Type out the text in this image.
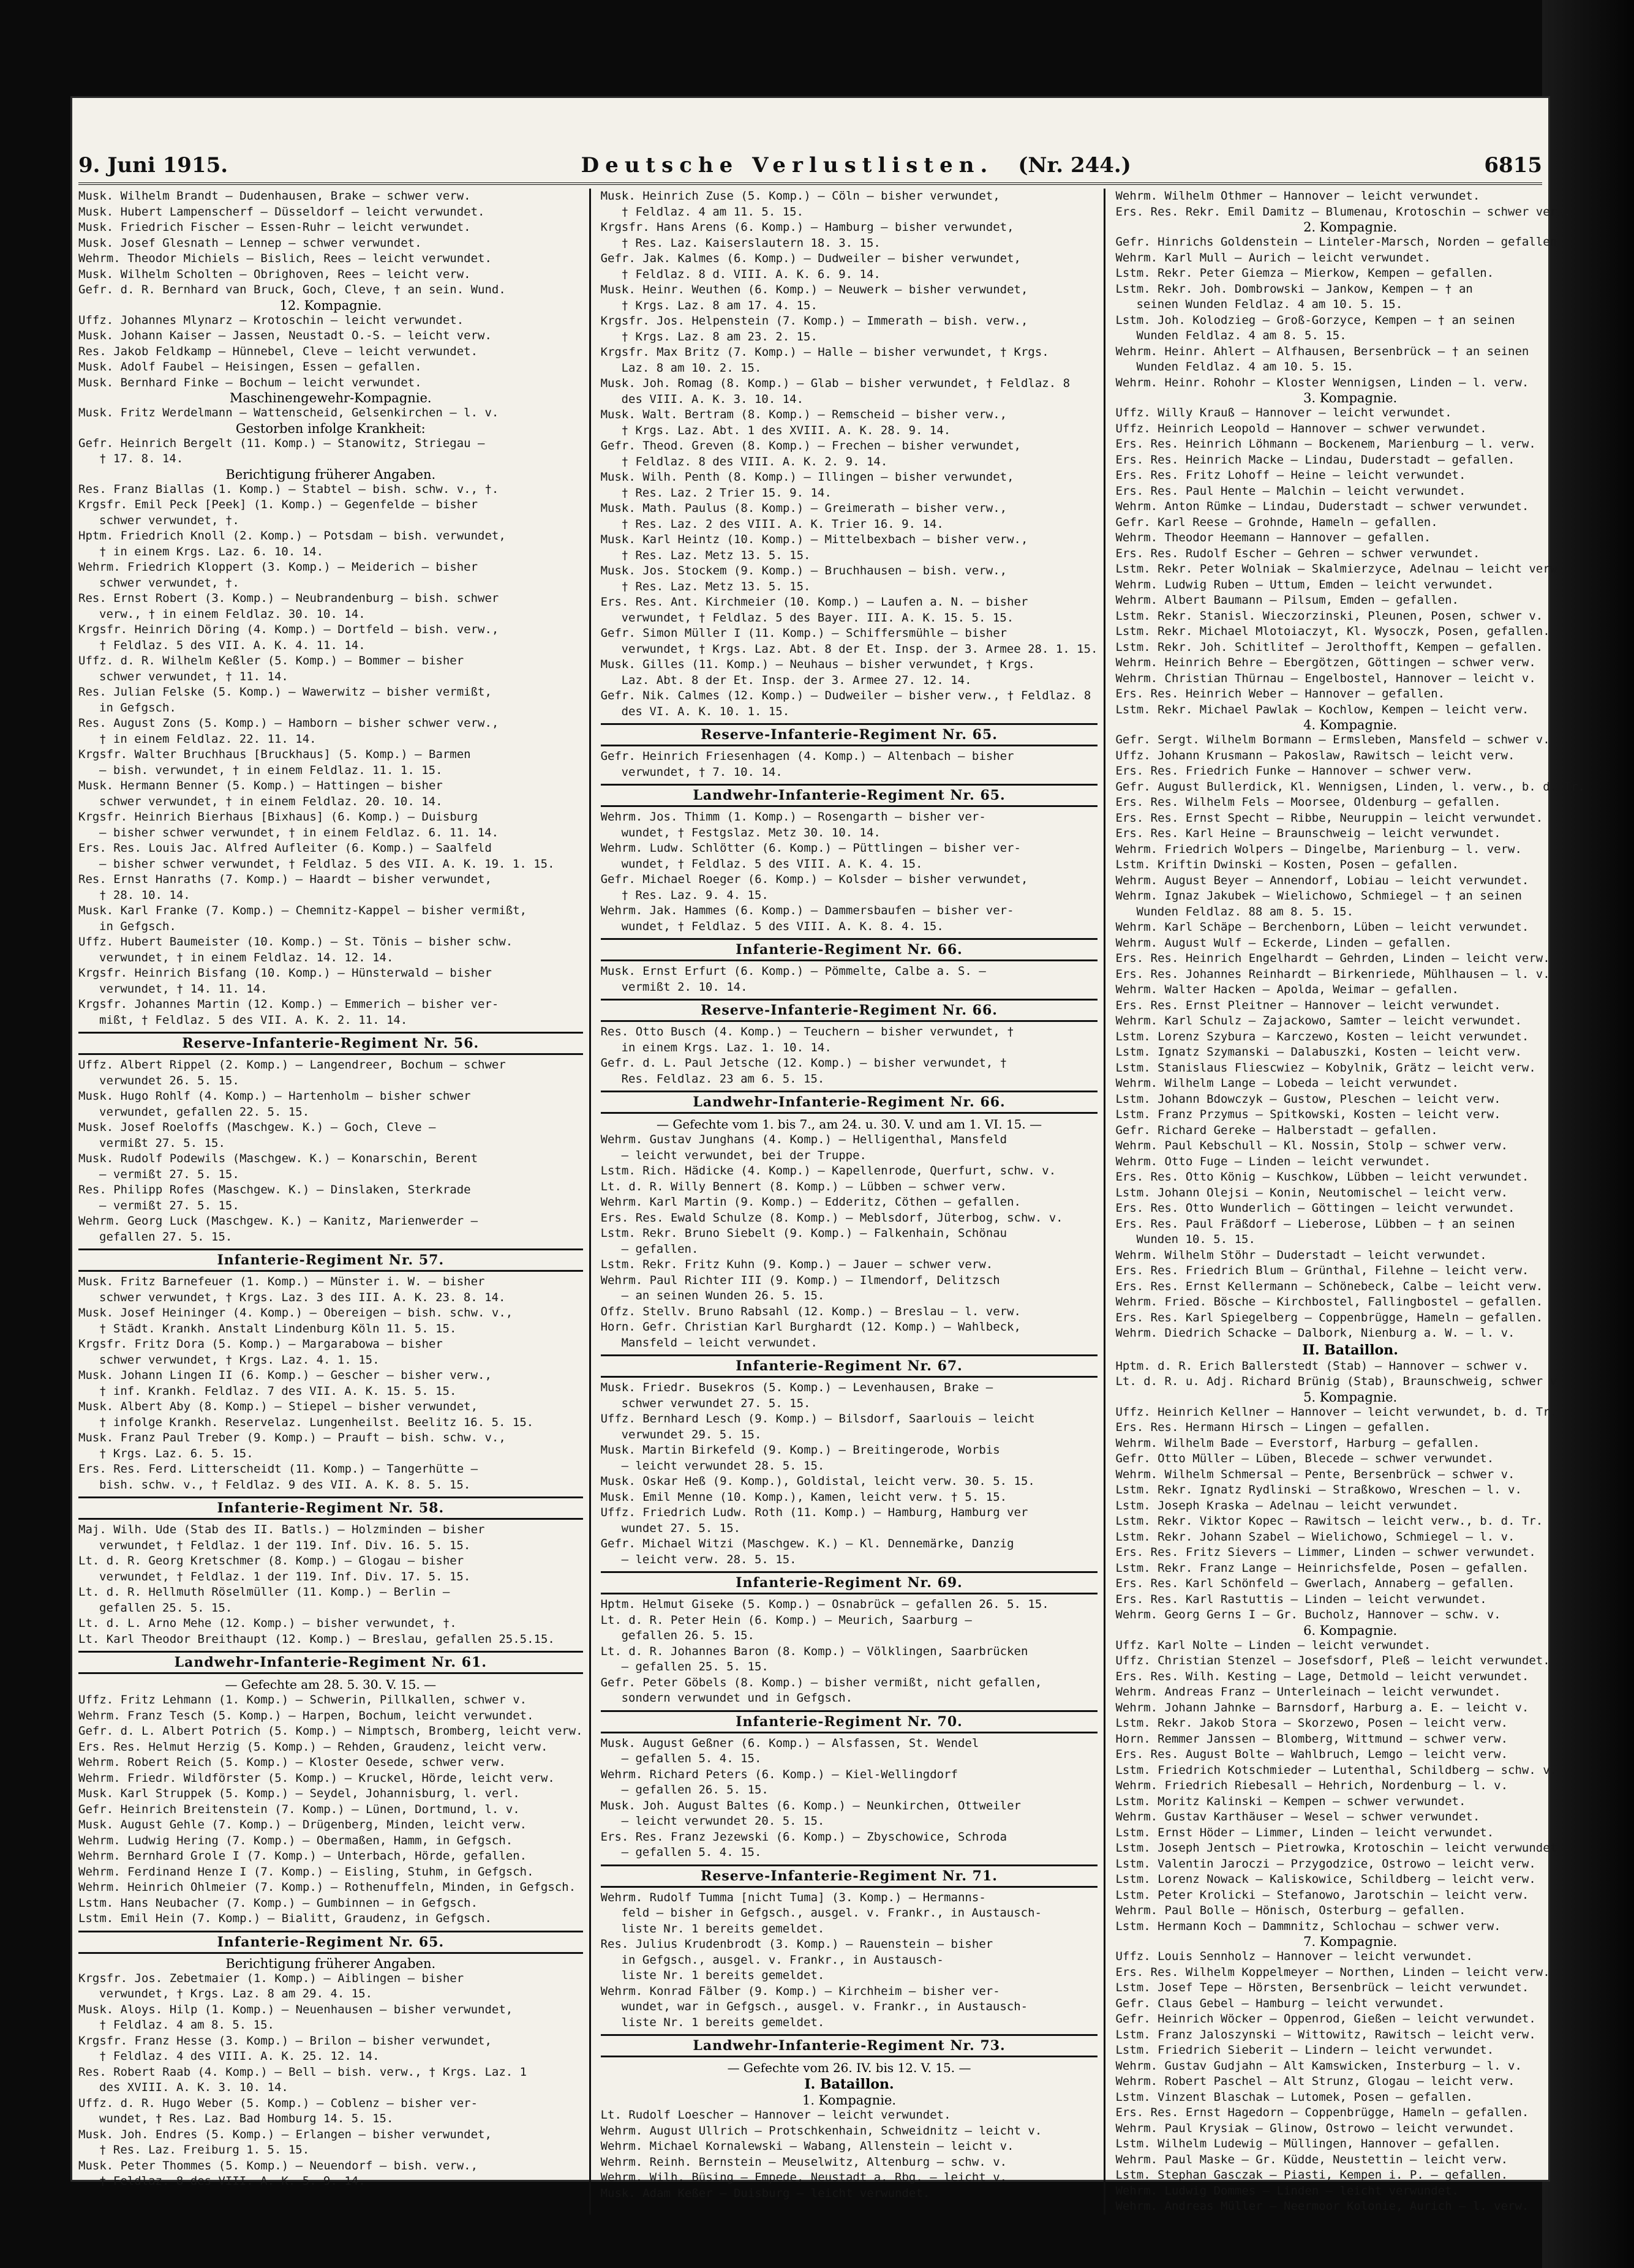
9. Juni 1915.	Deutsche Verlustlisten. (Nr. 244.)	6815
Musk. Wilhelm Brandt — Dudenhausen, Brake — schwer verw.
Musk. Hubert Lampenscherf — Düsseldorf — leicht verwundet.
Musk. Friedrich Fischer — Essen-Ruhr — leicht verwundet.
Musk. Josef Glesnath — Lennep — schwer verwundet.
Wehrm. Theodor Michiels — Bislich, Rees — leicht verwundet.
Musk. Wilhelm Scholten — Obrighoven, Rees — leicht verw.
Gefr. d. R. Bernhard van Bruck, Goch, Cleve, † an sein. Wund.
12. Kompagnie.
Uffz. Johannes Mlynarz — Krotoschin — leicht verwundet.
Musk. Johann Kaiser — Jassen, Neustadt O.-S. — leicht verw.
Res. Jakob Feldkamp — Hünnebel, Cleve — leicht verwundet.
Musk. Adolf Faubel — Heisingen, Essen — gefallen.
Musk. Bernhard Finke — Bochum — leicht verwundet.
Maschinengewehr-Kompagnie.
Musk. Fritz Werdelmann — Wattenscheid, Gelsenkirchen — l. v.
Gestorben infolge Krankheit:
Gefr. Heinrich Bergelt (11. Komp.) — Stanowitz, Striegau —
† 17. 8. 14.
Berichtigung früherer Angaben.
Res. Franz Biallas (1. Komp.) — Stabtel — bish. schw. v., †.
Krgsfr. Emil Peck [Peek] (1. Komp.) — Gegenfelde — bisher
schwer verwundet, †.
Hptm. Friedrich Knoll (2. Komp.) — Potsdam — bish. verwundet,
† in einem Krgs. Laz. 6. 10. 14.
Wehrm. Friedrich Kloppert (3. Komp.) — Meiderich — bisher
schwer verwundet, †.
Res. Ernst Robert (3. Komp.) — Neubrandenburg — bish. schwer
verw., † in einem Feldlaz. 30. 10. 14.
Krgsfr. Heinrich Döring (4. Komp.) — Dortfeld — bish. verw.,
† Feldlaz. 5 des VII. A. K. 4. 11. 14.
Uffz. d. R. Wilhelm Keßler (5. Komp.) — Bommer — bisher
schwer verwundet, † 11. 14.
Res. Julian Felske (5. Komp.) — Wawerwitz — bisher vermißt,
in Gefgsch.
Res. August Zons (5. Komp.) — Hamborn — bisher schwer verw.,
† in einem Feldlaz. 22. 11. 14.
Krgsfr. Walter Bruchhaus [Bruckhaus] (5. Komp.) — Barmen
— bish. verwundet, † in einem Feldlaz. 11. 1. 15.
Musk. Hermann Benner (5. Komp.) — Hattingen — bisher
schwer verwundet, † in einem Feldlaz. 20. 10. 14.
Krgsfr. Heinrich Bierhaus [Bixhaus] (6. Komp.) — Duisburg
— bisher schwer verwundet, † in einem Feldlaz. 6. 11. 14.
Ers. Res. Louis Jac. Alfred Aufleiter (6. Komp.) — Saalfeld
— bisher schwer verwundet, † Feldlaz. 5 des VII. A. K. 19. 1. 15.
Res. Ernst Hanraths (7. Komp.) — Haardt — bisher verwundet,
† 28. 10. 14.
Musk. Karl Franke (7. Komp.) — Chemnitz-Kappel — bisher vermißt,
in Gefgsch.
Uffz. Hubert Baumeister (10. Komp.) — St. Tönis — bisher schw.
verwundet, † in einem Feldlaz. 14. 12. 14.
Krgsfr. Heinrich Bisfang (10. Komp.) — Hünsterwald — bisher
verwundet, † 14. 11. 14.
Krgsfr. Johannes Martin (12. Komp.) — Emmerich — bisher ver-
mißt, † Feldlaz. 5 des VII. A. K. 2. 11. 14.
Reserve-Infanterie-Regiment Nr. 56.
Uffz. Albert Rippel (2. Komp.) — Langendreer, Bochum — schwer
verwundet 26. 5. 15.
Musk. Hugo Rohlf (4. Komp.) — Hartenholm — bisher schwer
verwundet, gefallen 22. 5. 15.
Musk. Josef Roeloffs (Maschgew. K.) — Goch, Cleve —
vermißt 27. 5. 15.
Musk. Rudolf Podewils (Maschgew. K.) — Konarschin, Berent
— vermißt 27. 5. 15.
Res. Philipp Rofes (Maschgew. K.) — Dinslaken, Sterkrade
— vermißt 27. 5. 15.
Wehrm. Georg Luck (Maschgew. K.) — Kanitz, Marienwerder —
gefallen 27. 5. 15.
Infanterie-Regiment Nr. 57.
Musk. Fritz Barnefeuer (1. Komp.) — Münster i. W. — bisher
schwer verwundet, † Krgs. Laz. 3 des III. A. K. 23. 8. 14.
Musk. Josef Heininger (4. Komp.) — Obereigen — bish. schw. v.,
† Städt. Krankh. Anstalt Lindenburg Köln 11. 5. 15.
Krgsfr. Fritz Dora (5. Komp.) — Margarabowa — bisher
schwer verwundet, † Krgs. Laz. 4. 1. 15.
Musk. Johann Lingen II (6. Komp.) — Gescher — bisher verw.,
† inf. Krankh. Feldlaz. 7 des VII. A. K. 15. 5. 15.
Musk. Albert Aby (8. Komp.) — Stiepel — bisher verwundet,
† infolge Krankh. Reservelaz. Lungenheilst. Beelitz 16. 5. 15.
Musk. Franz Paul Treber (9. Komp.) — Prauft — bish. schw. v.,
† Krgs. Laz. 6. 5. 15.
Ers. Res. Ferd. Litterscheidt (11. Komp.) — Tangerhütte —
bish. schw. v., † Feldlaz. 9 des VII. A. K. 8. 5. 15.
Infanterie-Regiment Nr. 58.
Maj. Wilh. Ude (Stab des II. Batls.) — Holzminden — bisher
verwundet, † Feldlaz. 1 der 119. Inf. Div. 16. 5. 15.
Lt. d. R. Georg Kretschmer (8. Komp.) — Glogau — bisher
verwundet, † Feldlaz. 1 der 119. Inf. Div. 17. 5. 15.
Lt. d. R. Hellmuth Röselmüller (11. Komp.) — Berlin —
gefallen 25. 5. 15.
Lt. d. L. Arno Mehe (12. Komp.) — bisher verwundet, †.
Lt. Karl Theodor Breithaupt (12. Komp.) — Breslau, gefallen 25.5.15.
Landwehr-Infanterie-Regiment Nr. 61.
— Gefechte am 28. 5. 30. V. 15. —
Uffz. Fritz Lehmann (1. Komp.) — Schwerin, Pillkallen, schwer v.
Wehrm. Franz Tesch (5. Komp.) — Harpen, Bochum, leicht verwundet.
Gefr. d. L. Albert Potrich (5. Komp.) — Nimptsch, Bromberg, leicht verw.
Ers. Res. Helmut Herzig (5. Komp.) — Rehden, Graudenz, leicht verw.
Wehrm. Robert Reich (5. Komp.) — Kloster Oesede, schwer verw.
Wehrm. Friedr. Wildförster (5. Komp.) — Kruckel, Hörde, leicht verw.
Musk. Karl Struppek (5. Komp.) — Seydel, Johannisburg, l. verl.
Gefr. Heinrich Breitenstein (7. Komp.) — Lünen, Dortmund, l. v.
Musk. August Gehle (7. Komp.) — Drügenberg, Minden, leicht verw.
Wehrm. Ludwig Hering (7. Komp.) — Obermaßen, Hamm, in Gefgsch.
Wehrm. Bernhard Grole I (7. Komp.) — Unterbach, Hörde, gefallen.
Wehrm. Ferdinand Henze I (7. Komp.) — Eisling, Stuhm, in Gefgsch.
Wehrm. Heinrich Ohlmeier (7. Komp.) — Rothenuffeln, Minden, in Gefgsch.
Lstm. Hans Neubacher (7. Komp.) — Gumbinnen — in Gefgsch.
Lstm. Emil Hein (7. Komp.) — Bialitt, Graudenz, in Gefgsch.
Infanterie-Regiment Nr. 65.
Berichtigung früherer Angaben.
Krgsfr. Jos. Zebetmaier (1. Komp.) — Aiblingen — bisher
verwundet, † Krgs. Laz. 8 am 29. 4. 15.
Musk. Aloys. Hilp (1. Komp.) — Neuenhausen — bisher verwundet,
† Feldlaz. 4 am 8. 5. 15.
Krgsfr. Franz Hesse (3. Komp.) — Brilon — bisher verwundet,
† Feldlaz. 4 des VIII. A. K. 25. 12. 14.
Res. Robert Raab (4. Komp.) — Bell — bish. verw., † Krgs. Laz. 1
des XVIII. A. K. 3. 10. 14.
Uffz. d. R. Hugo Weber (5. Komp.) — Coblenz — bisher ver-
wundet, † Res. Laz. Bad Homburg 14. 5. 15.
Musk. Joh. Endres (5. Komp.) — Erlangen — bisher verwundet,
† Res. Laz. Freiburg 1. 5. 15.
Musk. Peter Thommes (5. Komp.) — Neuendorf — bish. verw.,
† Feldlaz. 8 des VIII. A. K. 5. 9. 14.
Musk. Heinrich Zuse (5. Komp.) — Cöln — bisher verwundet,
† Feldlaz. 4 am 11. 5. 15.
Krgsfr. Hans Arens (6. Komp.) — Hamburg — bisher verwundet,
† Res. Laz. Kaiserslautern 18. 3. 15.
Gefr. Jak. Kalmes (6. Komp.) — Dudweiler — bisher verwundet,
† Feldlaz. 8 d. VIII. A. K. 6. 9. 14.
Musk. Heinr. Weuthen (6. Komp.) — Neuwerk — bisher verwundet,
† Krgs. Laz. 8 am 17. 4. 15.
Krgsfr. Jos. Helpenstein (7. Komp.) — Immerath — bish. verw.,
† Krgs. Laz. 8 am 23. 2. 15.
Krgsfr. Max Britz (7. Komp.) — Halle — bisher verwundet, † Krgs.
Laz. 8 am 10. 2. 15.
Musk. Joh. Romag (8. Komp.) — Glab — bisher verwundet, † Feldlaz. 8
des VIII. A. K. 3. 10. 14.
Musk. Walt. Bertram (8. Komp.) — Remscheid — bisher verw.,
† Krgs. Laz. Abt. 1 des XVIII. A. K. 28. 9. 14.
Gefr. Theod. Greven (8. Komp.) — Frechen — bisher verwundet,
† Feldlaz. 8 des VIII. A. K. 2. 9. 14.
Musk. Wilh. Penth (8. Komp.) — Illingen — bisher verwundet,
† Res. Laz. 2 Trier 15. 9. 14.
Musk. Math. Paulus (8. Komp.) — Greimerath — bisher verw.,
† Res. Laz. 2 des VIII. A. K. Trier 16. 9. 14.
Musk. Karl Heintz (10. Komp.) — Mittelbexbach — bisher verw.,
† Res. Laz. Metz 13. 5. 15.
Musk. Jos. Stockem (9. Komp.) — Bruchhausen — bish. verw.,
† Res. Laz. Metz 13. 5. 15.
Ers. Res. Ant. Kirchmeier (10. Komp.) — Laufen a. N. — bisher
verwundet, † Feldlaz. 5 des Bayer. III. A. K. 15. 5. 15.
Gefr. Simon Müller I (11. Komp.) — Schiffersmühle — bisher
verwundet, † Krgs. Laz. Abt. 8 der Et. Insp. der 3. Armee 28. 1. 15.
Musk. Gilles (11. Komp.) — Neuhaus — bisher verwundet, † Krgs.
Laz. Abt. 8 der Et. Insp. der 3. Armee 27. 12. 14.
Gefr. Nik. Calmes (12. Komp.) — Dudweiler — bisher verw., † Feldlaz. 8
des VI. A. K. 10. 1. 15.
Reserve-Infanterie-Regiment Nr. 65.
Gefr. Heinrich Friesenhagen (4. Komp.) — Altenbach — bisher
verwundet, † 7. 10. 14.
Landwehr-Infanterie-Regiment Nr. 65.
Wehrm. Jos. Thimm (1. Komp.) — Rosengarth — bisher ver-
wundet, † Festgslaz. Metz 30. 10. 14.
Wehrm. Ludw. Schlötter (6. Komp.) — Püttlingen — bisher ver-
wundet, † Feldlaz. 5 des VIII. A. K. 4. 15.
Gefr. Michael Roeger (6. Komp.) — Kolsder — bisher verwundet,
† Res. Laz. 9. 4. 15.
Wehrm. Jak. Hammes (6. Komp.) — Dammersbaufen — bisher ver-
wundet, † Feldlaz. 5 des VIII. A. K. 8. 4. 15.
Infanterie-Regiment Nr. 66.
Musk. Ernst Erfurt (6. Komp.) — Pömmelte, Calbe a. S. —
vermißt 2. 10. 14.
Reserve-Infanterie-Regiment Nr. 66.
Res. Otto Busch (4. Komp.) — Teuchern — bisher verwundet, †
in einem Krgs. Laz. 1. 10. 14.
Gefr. d. L. Paul Jetsche (12. Komp.) — bisher verwundet, †
Res. Feldlaz. 23 am 6. 5. 15.
Landwehr-Infanterie-Regiment Nr. 66.
— Gefechte vom 1. bis 7., am 24. u. 30. V. und am 1. VI. 15. —
Wehrm. Gustav Junghans (4. Komp.) — Helligenthal, Mansfeld
— leicht verwundet, bei der Truppe.
Lstm. Rich. Hädicke (4. Komp.) — Kapellenrode, Querfurt, schw. v.
Lt. d. R. Willy Bennert (8. Komp.) — Lübben — schwer verw.
Wehrm. Karl Martin (9. Komp.) — Edderitz, Cöthen — gefallen.
Ers. Res. Ewald Schulze (8. Komp.) — Meblsdorf, Jüterbog, schw. v.
Lstm. Rekr. Bruno Siebelt (9. Komp.) — Falkenhain, Schönau
— gefallen.
Lstm. Rekr. Fritz Kuhn (9. Komp.) — Jauer — schwer verw.
Wehrm. Paul Richter III (9. Komp.) — Ilmendorf, Delitzsch
— an seinen Wunden 26. 5. 15.
Offz. Stellv. Bruno Rabsahl (12. Komp.) — Breslau — l. verw.
Horn. Gefr. Christian Karl Burghardt (12. Komp.) — Wahlbeck,
Mansfeld — leicht verwundet.
Infanterie-Regiment Nr. 67.
Musk. Friedr. Busekros (5. Komp.) — Levenhausen, Brake —
schwer verwundet 27. 5. 15.
Uffz. Bernhard Lesch (9. Komp.) — Bilsdorf, Saarlouis — leicht
verwundet 29. 5. 15.
Musk. Martin Birkefeld (9. Komp.) — Breitingerode, Worbis
— leicht verwundet 28. 5. 15.
Musk. Oskar Heß (9. Komp.), Goldistal, leicht verw. 30. 5. 15.
Musk. Emil Menne (10. Komp.), Kamen, leicht verw. † 5. 15.
Uffz. Friedrich Ludw. Roth (11. Komp.) — Hamburg, Hamburg ver
wundet 27. 5. 15.
Gefr. Michael Witzi (Maschgew. K.) — Kl. Dennemärke, Danzig
— leicht verw. 28. 5. 15.
Infanterie-Regiment Nr. 69.
Hptm. Helmut Giseke (5. Komp.) — Osnabrück — gefallen 26. 5. 15.
Lt. d. R. Peter Hein (6. Komp.) — Meurich, Saarburg —
gefallen 26. 5. 15.
Lt. d. R. Johannes Baron (8. Komp.) — Völklingen, Saarbrücken
— gefallen 25. 5. 15.
Gefr. Peter Göbels (8. Komp.) — bisher vermißt, nicht gefallen,
sondern verwundet und in Gefgsch.
Infanterie-Regiment Nr. 70.
Musk. August Geßner (6. Komp.) — Alsfassen, St. Wendel
— gefallen 5. 4. 15.
Wehrm. Richard Peters (6. Komp.) — Kiel-Wellingdorf
— gefallen 26. 5. 15.
Musk. Joh. August Baltes (6. Komp.) — Neunkirchen, Ottweiler
— leicht verwundet 20. 5. 15.
Ers. Res. Franz Jezewski (6. Komp.) — Zbyschowice, Schroda
— gefallen 5. 4. 15.
Reserve-Infanterie-Regiment Nr. 71.
Wehrm. Rudolf Tumma [nicht Tuma] (3. Komp.) — Hermanns-
feld — bisher in Gefgsch., ausgel. v. Frankr., in Austausch-
liste Nr. 1 bereits gemeldet.
Res. Julius Krudenbrodt (3. Komp.) — Rauenstein — bisher
in Gefgsch., ausgel. v. Frankr., in Austausch-
liste Nr. 1 bereits gemeldet.
Wehrm. Konrad Fälber (9. Komp.) — Kirchheim — bisher ver-
wundet, war in Gefgsch., ausgel. v. Frankr., in Austausch-
liste Nr. 1 bereits gemeldet.
Landwehr-Infanterie-Regiment Nr. 73.
— Gefechte vom 26. IV. bis 12. V. 15. —
I. Bataillon.
1. Kompagnie.
Lt. Rudolf Loescher — Hannover — leicht verwundet.
Wehrm. August Ullrich — Protschkenhain, Schweidnitz — leicht v.
Wehrm. Michael Kornalewski — Wabang, Allenstein — leicht v.
Wehrm. Reinh. Bernstein — Meuselwitz, Altenburg — schw. v.
Wehrm. Wilh. Büsing — Empede, Neustadt a. Rbg. — leicht v.
Musk. Adam Keßer — Duisburg — leicht verwundet.
Wehrm. Wilhelm Othmer — Hannover — leicht verwundet.
Ers. Res. Rekr. Emil Damitz — Blumenau, Krotoschin — schwer verw.
2. Kompagnie.
Gefr. Hinrichs Goldenstein — Linteler-Marsch, Norden — gefallen.
Wehrm. Karl Mull — Aurich — leicht verwundet.
Lstm. Rekr. Peter Giemza — Mierkow, Kempen — gefallen.
Lstm. Rekr. Joh. Dombrowski — Jankow, Kempen — † an
seinen Wunden Feldlaz. 4 am 10. 5. 15.
Lstm. Joh. Kolodzieg — Groß-Gorzyce, Kempen — † an seinen
Wunden Feldlaz. 4 am 8. 5. 15.
Wehrm. Heinr. Ahlert — Alfhausen, Bersenbrück — † an seinen
Wunden Feldlaz. 4 am 10. 5. 15.
Wehrm. Heinr. Rohohr — Kloster Wennigsen, Linden — l. verw.
3. Kompagnie.
Uffz. Willy Krauß — Hannover — leicht verwundet.
Uffz. Heinrich Leopold — Hannover — schwer verwundet.
Ers. Res. Heinrich Löhmann — Bockenem, Marienburg — l. verw.
Ers. Res. Heinrich Macke — Lindau, Duderstadt — gefallen.
Ers. Res. Fritz Lohoff — Heine — leicht verwundet.
Ers. Res. Paul Hente — Malchin — leicht verwundet.
Wehrm. Anton Rümke — Lindau, Duderstadt — schwer verwundet.
Gefr. Karl Reese — Grohnde, Hameln — gefallen.
Wehrm. Theodor Heemann — Hannover — gefallen.
Ers. Res. Rudolf Escher — Gehren — schwer verwundet.
Lstm. Rekr. Peter Wolniak — Skalmierzyce, Adelnau — leicht verw.
Wehrm. Ludwig Ruben — Uttum, Emden — leicht verwundet.
Wehrm. Albert Baumann — Pilsum, Emden — gefallen.
Lstm. Rekr. Stanisl. Wieczorzinski, Pleunen, Posen, schwer v.
Lstm. Rekr. Michael Mlotoiaczyt, Kl. Wysoczk, Posen, gefallen.
Lstm. Rekr. Joh. Schitlitef — Jerolthofft, Kempen — gefallen.
Wehrm. Heinrich Behre — Ebergötzen, Göttingen — schwer verw.
Wehrm. Christian Thürnau — Engelbostel, Hannover — leicht v.
Ers. Res. Heinrich Weber — Hannover — gefallen.
Lstm. Rekr. Michael Pawlak — Kochlow, Kempen — leicht verw.
4. Kompagnie.
Gefr. Sergt. Wilhelm Bormann — Ermsleben, Mansfeld — schwer v.
Uffz. Johann Krusmann — Pakoslaw, Rawitsch — leicht verw.
Ers. Res. Friedrich Funke — Hannover — schwer verw.
Gefr. August Bullerdick, Kl. Wennigsen, Linden, l. verw., b. d. Tr.
Ers. Res. Wilhelm Fels — Moorsee, Oldenburg — gefallen.
Ers. Res. Ernst Specht — Ribbe, Neuruppin — leicht verwundet.
Ers. Res. Karl Heine — Braunschweig — leicht verwundet.
Wehrm. Friedrich Wolpers — Dingelbe, Marienburg — l. verw.
Lstm. Kriftin Dwinski — Kosten, Posen — gefallen.
Wehrm. August Beyer — Annendorf, Lobiau — leicht verwundet.
Wehrm. Ignaz Jakubek — Wielichowo, Schmiegel — † an seinen
Wunden Feldlaz. 88 am 8. 5. 15.
Wehrm. Karl Schäpe — Berchenborn, Lüben — leicht verwundet.
Wehrm. August Wulf — Eckerde, Linden — gefallen.
Ers. Res. Heinrich Engelhardt — Gehrden, Linden — leicht verw.
Ers. Res. Johannes Reinhardt — Birkenriede, Mühlhausen — l. v.
Wehrm. Walter Hacken — Apolda, Weimar — gefallen.
Ers. Res. Ernst Pleitner — Hannover — leicht verwundet.
Wehrm. Karl Schulz — Zajackowo, Samter — leicht verwundet.
Lstm. Lorenz Szybura — Karczewo, Kosten — leicht verwundet.
Lstm. Ignatz Szymanski — Dalabuszki, Kosten — leicht verw.
Lstm. Stanislaus Fliescwiez — Kobylnik, Grätz — leicht verw.
Wehrm. Wilhelm Lange — Lobeda — leicht verwundet.
Lstm. Johann Bdowczyk — Gustow, Pleschen — leicht verw.
Lstm. Franz Przymus — Spitkowski, Kosten — leicht verw.
Gefr. Richard Gereke — Halberstadt — gefallen.
Wehrm. Paul Kebschull — Kl. Nossin, Stolp — schwer verw.
Wehrm. Otto Fuge — Linden — leicht verwundet.
Ers. Res. Otto König — Kuschkow, Lübben — leicht verwundet.
Lstm. Johann Olejsi — Konin, Neutomischel — leicht verw.
Ers. Res. Otto Wunderlich — Göttingen — leicht verwundet.
Ers. Res. Paul Fräßdorf — Lieberose, Lübben — † an seinen
Wunden 10. 5. 15.
Wehrm. Wilhelm Stöhr — Duderstadt — leicht verwundet.
Ers. Res. Friedrich Blum — Grünthal, Filehne — leicht verw.
Ers. Res. Ernst Kellermann — Schönebeck, Calbe — leicht verw.
Wehrm. Fried. Bösche — Kirchbostel, Fallingbostel — gefallen.
Ers. Res. Karl Spiegelberg — Coppenbrügge, Hameln — gefallen.
Wehrm. Diedrich Schacke — Dalbork, Nienburg a. W. — l. v.
II. Bataillon.
Hptm. d. R. Erich Ballerstedt (Stab) — Hannover — schwer v.
Lt. d. R. u. Adj. Richard Brünig (Stab), Braunschweig, schwer v.
5. Kompagnie.
Uffz. Heinrich Kellner — Hannover — leicht verwundet, b. d. Tr.
Ers. Res. Hermann Hirsch — Lingen — gefallen.
Wehrm. Wilhelm Bade — Everstorf, Harburg — gefallen.
Gefr. Otto Müller — Lüben, Blecede — schwer verwundet.
Wehrm. Wilhelm Schmersal — Pente, Bersenbrück — schwer v.
Lstm. Rekr. Ignatz Rydlinski — Straßkowo, Wreschen — l. v.
Lstm. Joseph Kraska — Adelnau — leicht verwundet.
Lstm. Rekr. Viktor Kopec — Rawitsch — leicht verw., b. d. Tr.
Lstm. Rekr. Johann Szabel — Wielichowo, Schmiegel — l. v.
Ers. Res. Fritz Sievers — Limmer, Linden — schwer verwundet.
Lstm. Rekr. Franz Lange — Heinrichsfelde, Posen — gefallen.
Ers. Res. Karl Schönfeld — Gwerlach, Annaberg — gefallen.
Ers. Res. Karl Rastuttis — Linden — leicht verwundet.
Wehrm. Georg Gerns I — Gr. Bucholz, Hannover — schw. v.
6. Kompagnie.
Uffz. Karl Nolte — Linden — leicht verwundet.
Uffz. Christian Stenzel — Josefsdorf, Pleß — leicht verwundet.
Ers. Res. Wilh. Kesting — Lage, Detmold — leicht verwundet.
Wehrm. Andreas Franz — Unterleinach — leicht verwundet.
Wehrm. Johann Jahnke — Barnsdorf, Harburg a. E. — leicht v.
Lstm. Rekr. Jakob Stora — Skorzewo, Posen — leicht verw.
Horn. Remmer Janssen — Blomberg, Wittmund — schwer verw.
Ers. Res. August Bolte — Wahlbruch, Lemgo — leicht verw.
Lstm. Friedrich Kotschmieder — Lutenthal, Schildberg — schw. v.
Wehrm. Friedrich Riebesall — Hehrich, Nordenburg — l. v.
Lstm. Moritz Kalinski — Kempen — schwer verwundet.
Wehrm. Gustav Karthäuser — Wesel — schwer verwundet.
Lstm. Ernst Höder — Limmer, Linden — leicht verwundet.
Lstm. Joseph Jentsch — Pietrowka, Krotoschin — leicht verwundet.
Lstm. Valentin Jaroczi — Przygodzice, Ostrowo — leicht verw.
Lstm. Lorenz Nowack — Kaliskowice, Schildberg — leicht verw.
Lstm. Peter Krolicki — Stefanowo, Jarotschin — leicht verw.
Wehrm. Paul Bolle — Hönisch, Osterburg — gefallen.
Lstm. Hermann Koch — Dammnitz, Schlochau — schwer verw.
7. Kompagnie.
Uffz. Louis Sennholz — Hannover — leicht verwundet.
Ers. Res. Wilhelm Koppelmeyer — Northen, Linden — leicht verw.
Lstm. Josef Tepe — Hörsten, Bersenbrück — leicht verwundet.
Gefr. Claus Gebel — Hamburg — leicht verwundet.
Gefr. Heinrich Wöcker — Oppenrod, Gießen — leicht verwundet.
Lstm. Franz Jaloszynski — Wittowitz, Rawitsch — leicht verw.
Lstm. Friedrich Sieberit — Lindern — leicht verwundet.
Wehrm. Gustav Gudjahn — Alt Kamswicken, Insterburg — l. v.
Wehrm. Robert Paschel — Alt Strunz, Glogau — leicht verw.
Lstm. Vinzent Blaschak — Lutomek, Posen — gefallen.
Ers. Res. Ernst Hagedorn — Coppenbrügge, Hameln — gefallen.
Wehrm. Paul Krysiak — Glinow, Ostrowo — leicht verwundet.
Lstm. Wilhelm Ludewig — Müllingen, Hannover — gefallen.
Wehrm. Paul Maske — Gr. Küdde, Neustettin — leicht verw.
Lstm. Stephan Gasczak — Piasti, Kempen i. P. — gefallen.
Wehrm. Ludwig Dommes — Linden — leicht verwundet.
Wehrm. Andreas Müller — Neermoor Kolonie, Aurich — l. verw.
